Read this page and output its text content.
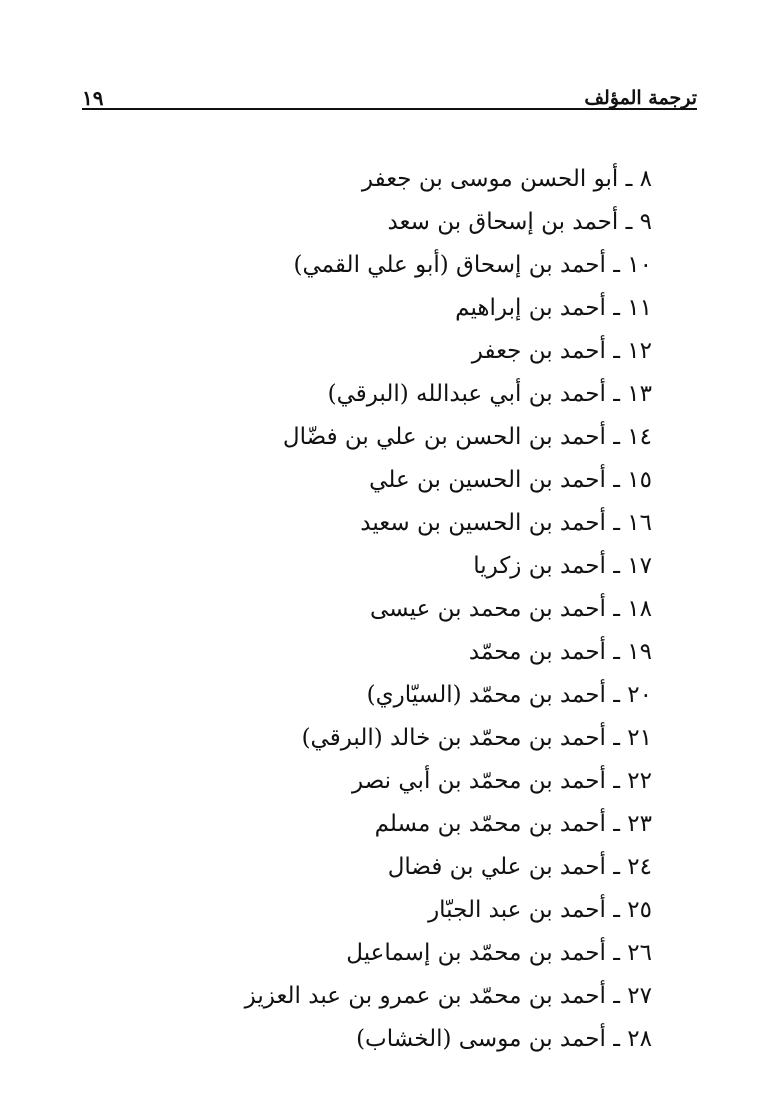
١٩	ترجمة المؤلف
٨ ـ أبو الحسن موسى بن جعفر
٩ ـ أحمد بن إسحاق بن سعد
١٠ ـ أحمد بن إسحاق (أبو علي القمي)
١١ ـ أحمد بن إبراهيم
١٢ ـ أحمد بن جعفر
١٣ ـ أحمد بن أبي عبدالله (البرقي)
١٤ ـ أحمد بن الحسن بن علي بن فضّال
١٥ ـ أحمد بن الحسين بن علي
١٦ ـ أحمد بن الحسين بن سعيد
١٧ ـ أحمد بن زكريا
١٨ ـ أحمد بن محمد بن عيسى
١٩ ـ أحمد بن محمّد
٢٠ ـ أحمد بن محمّد (السيّاري)
٢١ ـ أحمد بن محمّد بن خالد (البرقي)
٢٢ ـ أحمد بن محمّد بن أبي نصر
٢٣ ـ أحمد بن محمّد بن مسلم
٢٤ ـ أحمد بن علي بن فضال
٢٥ ـ أحمد بن عبد الجبّار
٢٦ ـ أحمد بن محمّد بن إسماعيل
٢٧ ـ أحمد بن محمّد بن عمرو بن عبد العزيز
٢٨ ـ أحمد بن موسى (الخشاب)
